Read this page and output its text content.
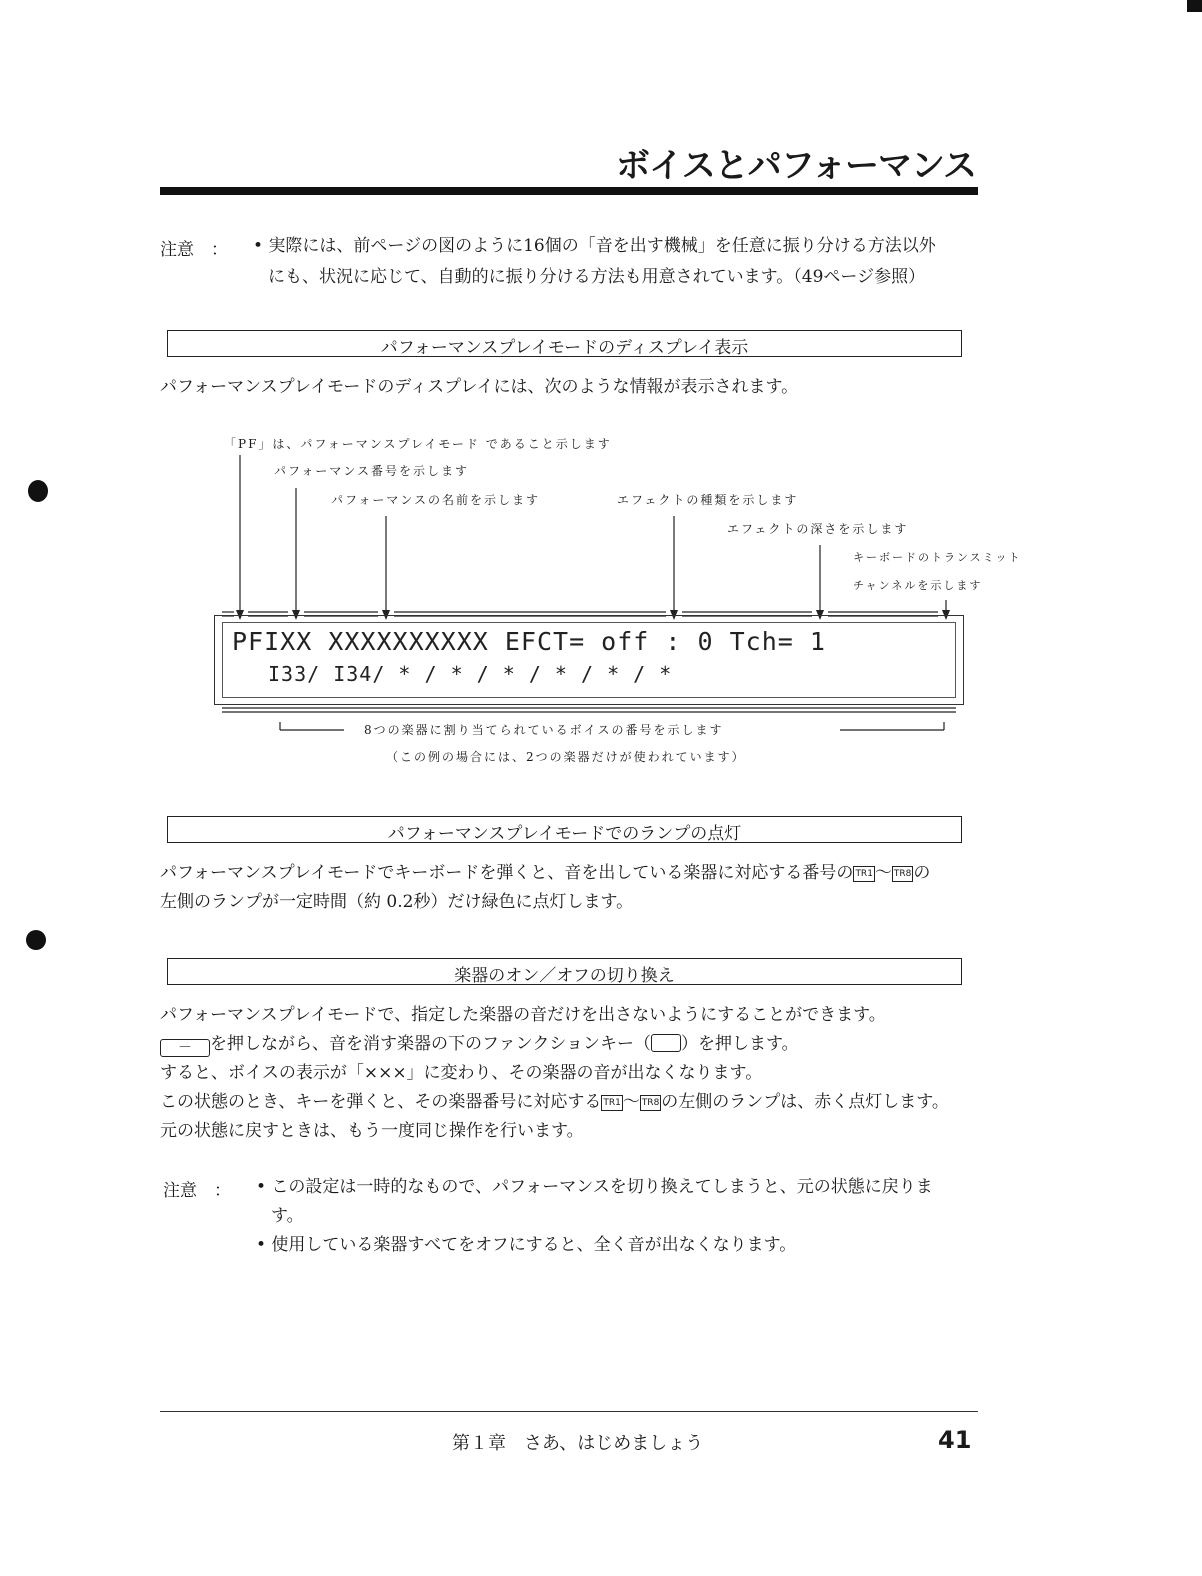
ボイスとパフォーマンス
注意　： • 実際には、前ページの図のように16個の「音を出す機械」を任意に振り分ける方法以外
にも、状況に応じて、自動的に振り分ける方法も用意されています。（49ページ参照）
パフォーマンスプレイモードのディスプレイ表示
パフォーマンスプレイモードのディスプレイには、次のような情報が表示されます。
「PF」は、パフォーマンスプレイモード であること示します
パフォーマンス番号を示します
パフォーマンスの名前を示します	エフェクトの種類を示します
エフェクトの深さを示します
キーボードのトランスミット
チャンネルを示します
PFIXX XXXXXXXXXX EFCT= off : 0 Tch= 1
I33/ I34/ * / * / * / * / * / *
8つの楽器に割り当てられているボイスの番号を示します
（この例の場合には、2つの楽器だけが使われています）
パフォーマンスプレイモードでのランプの点灯
パフォーマンスプレイモードでキーボードを弾くと、音を出している楽器に対応する番号の TR1 〜 TR8 の
左側のランプが一定時間（約 0.2秒）だけ緑色に点灯します。
楽器のオン／オフの切り換え
パフォーマンスプレイモードで、指定した楽器の音だけを出さないようにすることができます。
－ を押しながら、音を消す楽器の下のファンクションキー（ ）を押します。
すると、ボイスの表示が「×××」に変わり、その楽器の音が出なくなります。
この状態のとき、キーを弾くと、その楽器番号に対応する TR1 〜 TR8 の左側のランプは、赤く点灯します。
元の状態に戻すときは、もう一度同じ操作を行います。
注意　： • この設定は一時的なもので、パフォーマンスを切り換えてしまうと、元の状態に戻りま
す。
• 使用している楽器すべてをオフにすると、全く音が出なくなります。
第１章　さあ、はじめましょう	41
